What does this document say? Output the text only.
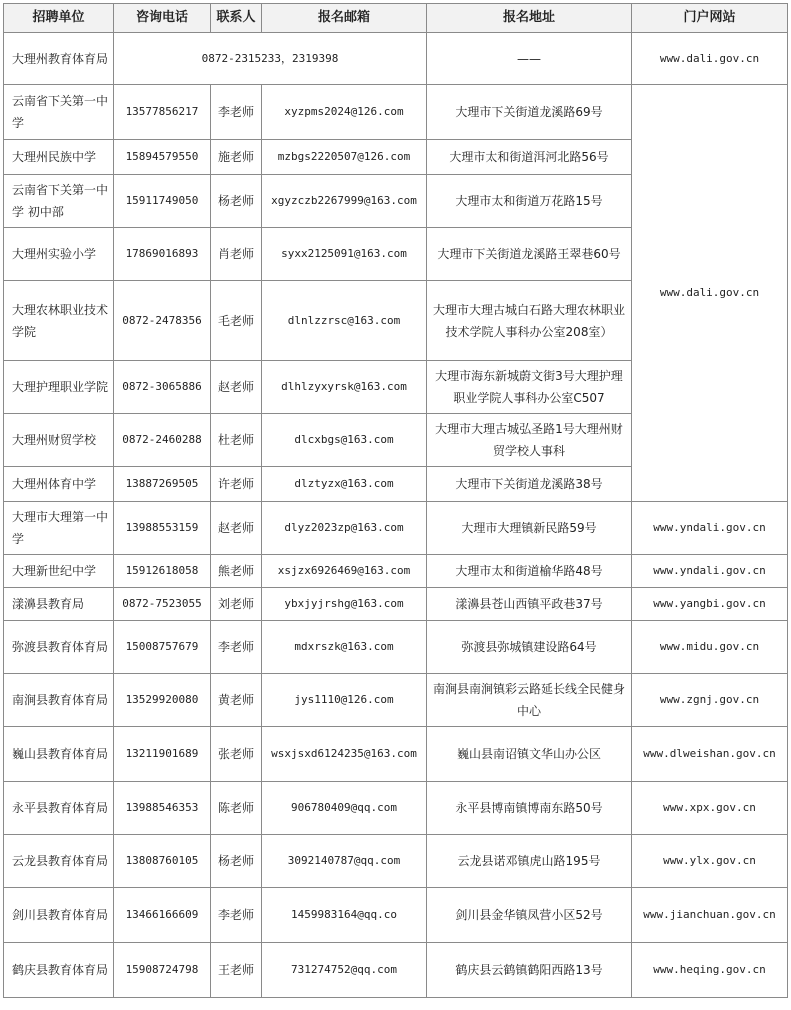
招聘单位	咨询电话	联系人	报名邮箱	报名地址	门户网站
大理州教育体育局	0872-2315233，2319398			——	www.dali.gov.cn
云南省下关第一中学	13577856217	李老师	xyzpms2024@126.com	大理市下关街道龙溪路69号	www.dali.gov.cn
大理州民族中学	15894579550	施老师	mzbgs2220507@126.com	大理市太和街道洱河北路56号	
云南省下关第一中学 初中部	15911749050	杨老师	xgyzczb2267999@163.com	大理市太和街道万花路15号	
大理州实验小学	17869016893	肖老师	syxx2125091@163.com	大理市下关街道龙溪路王翠巷60号	
大理农林职业技术学院	0872-2478356	毛老师	dlnlzzrsc@163.com	大理市大理古城白石路大理农林职业技术学院人事科办公室208室）	
大理护理职业学院	0872-3065886	赵老师	dlhlzyxyrsk@163.com	大理市海东新城蔚文街3号大理护理职业学院人事科办公室C507	
大理州财贸学校	0872-2460288	杜老师	dlcxbgs@163.com	大理市大理古城弘圣路1号大理州财贸学校人事科	
大理州体育中学	13887269505	许老师	dlztyzx@163.com	大理市下关街道龙溪路38号	
大理市大理第一中学	13988553159	赵老师	dlyz2023zp@163.com	大理市大理镇新民路59号	www.yndali.gov.cn
大理新世纪中学	15912618058	熊老师	xsjzx6926469@163.com	大理市太和街道榆华路48号	www.yndali.gov.cn
漾濞县教育局	0872-7523055	刘老师	ybxjyjrshg@163.com	漾濞县苍山西镇平政巷37号	www.yangbi.gov.cn
弥渡县教育体育局	15008757679	李老师	mdxrszk@163.com	弥渡县弥城镇建设路64号	www.midu.gov.cn
南涧县教育体育局	13529920080	黄老师	jys1110@126.com	南涧县南涧镇彩云路延长线全民健身中心	www.zgnj.gov.cn
巍山县教育体育局	13211901689	张老师	wsxjsxd6124235@163.com	巍山县南诏镇文华山办公区	www.dlweishan.gov.cn
永平县教育体育局	13988546353	陈老师	906780409@qq.com	永平县博南镇博南东路50号	www.xpx.gov.cn
云龙县教育体育局	13808760105	杨老师	3092140787@qq.com	云龙县诺邓镇虎山路195号	www.ylx.gov.cn
剑川县教育体育局	13466166609	李老师	1459983164@qq.co	剑川县金华镇凤营小区52号	www.jianchuan.gov.cn
鹤庆县教育体育局	15908724798	王老师	731274752@qq.com	鹤庆县云鹤镇鹤阳西路13号	www.heqing.gov.cn
